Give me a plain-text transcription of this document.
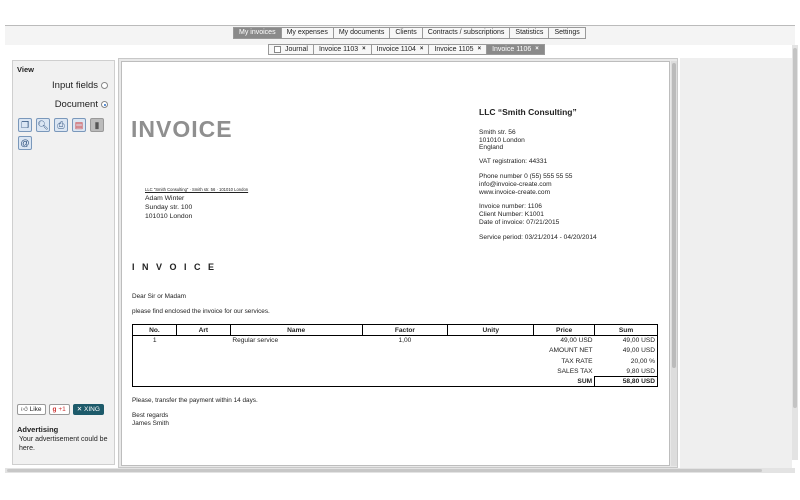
My invoices	My expenses	My documents	Clients	Contracts / subscriptions	Statistics	Settings
Journal Invoice 1103 × Invoice 1104 × Invoice 1105 × Invoice 1106 ×
View
Input fields
Document
❐ 🔍︎ ⎙	▤	▮
@
👍︎ Like	g +1	✕ XING
Advertising
Your advertisement could be here.
INVOICE
LLC “Smith Consulting”
Smith str. 56
101010 London
England
VAT registration: 44331
Phone number 0 (55) 555 55 55
info@invoice-create.com
www.invoice-create.com
Invoice number: 1106
Client Number: K1001
Date of invoice: 07/21/2015
Service period: 03/21/2014 - 04/20/2014
LLC “Smith Consulting” · Smith str. 56 · 101010 London
Adam Winter
Sunday str. 100
101010 London
I N V O I C E
Dear Sir or Madam
please find enclosed the invoice for our services.
No.	Art	Name	Factor	Unity	Price	Sum
1		Regular service	1,00		49,00 USD	49,00 USD
					AMOUNT NET	49,00 USD
					TAX RATE	20,00 %
					SALES TAX	9,80 USD
					SUM	58,80 USD
Please, transfer the payment within 14 days.
Best regards
James Smith
